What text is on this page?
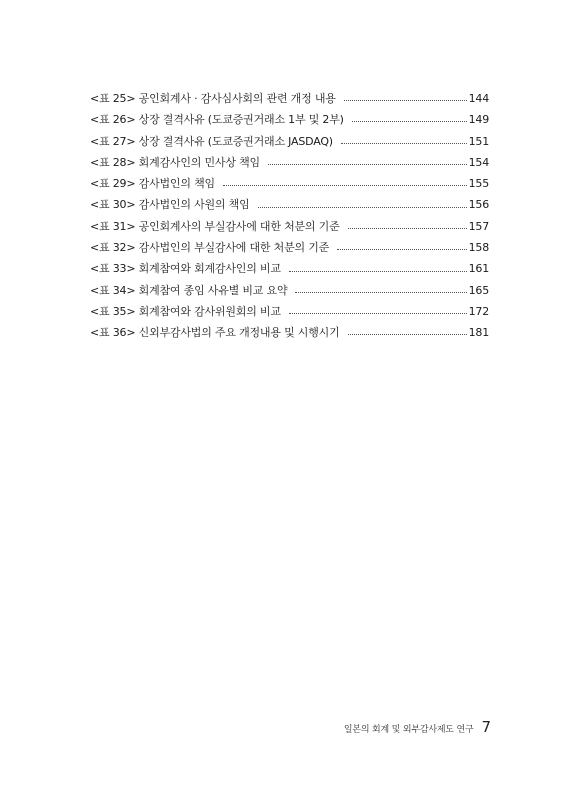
<표 25> 공인회계사 · 감사심사회의 관련 개정 내용	144
<표 26> 상장 결격사유 (도쿄증권거래소 1부 및 2부)	149
<표 27> 상장 결격사유 (도쿄증권거래소 JASDAQ)	151
<표 28> 회계감사인의 민사상 책임	154
<표 29> 감사법인의 책임	155
<표 30> 감사법인의 사원의 책임	156
<표 31> 공인회계사의 부실감사에 대한 처분의 기준	157
<표 32> 감사법인의 부실감사에 대한 처분의 기준	158
<표 33> 회계참여와 회계감사인의 비교	161
<표 34> 회계참여 종임 사유별 비교 요약	165
<표 35> 회계참여와 감사위원회의 비교	172
<표 36> 신외부감사법의 주요 개정내용 및 시행시기	181
일본의 회계 및 외부감사제도 연구 7
